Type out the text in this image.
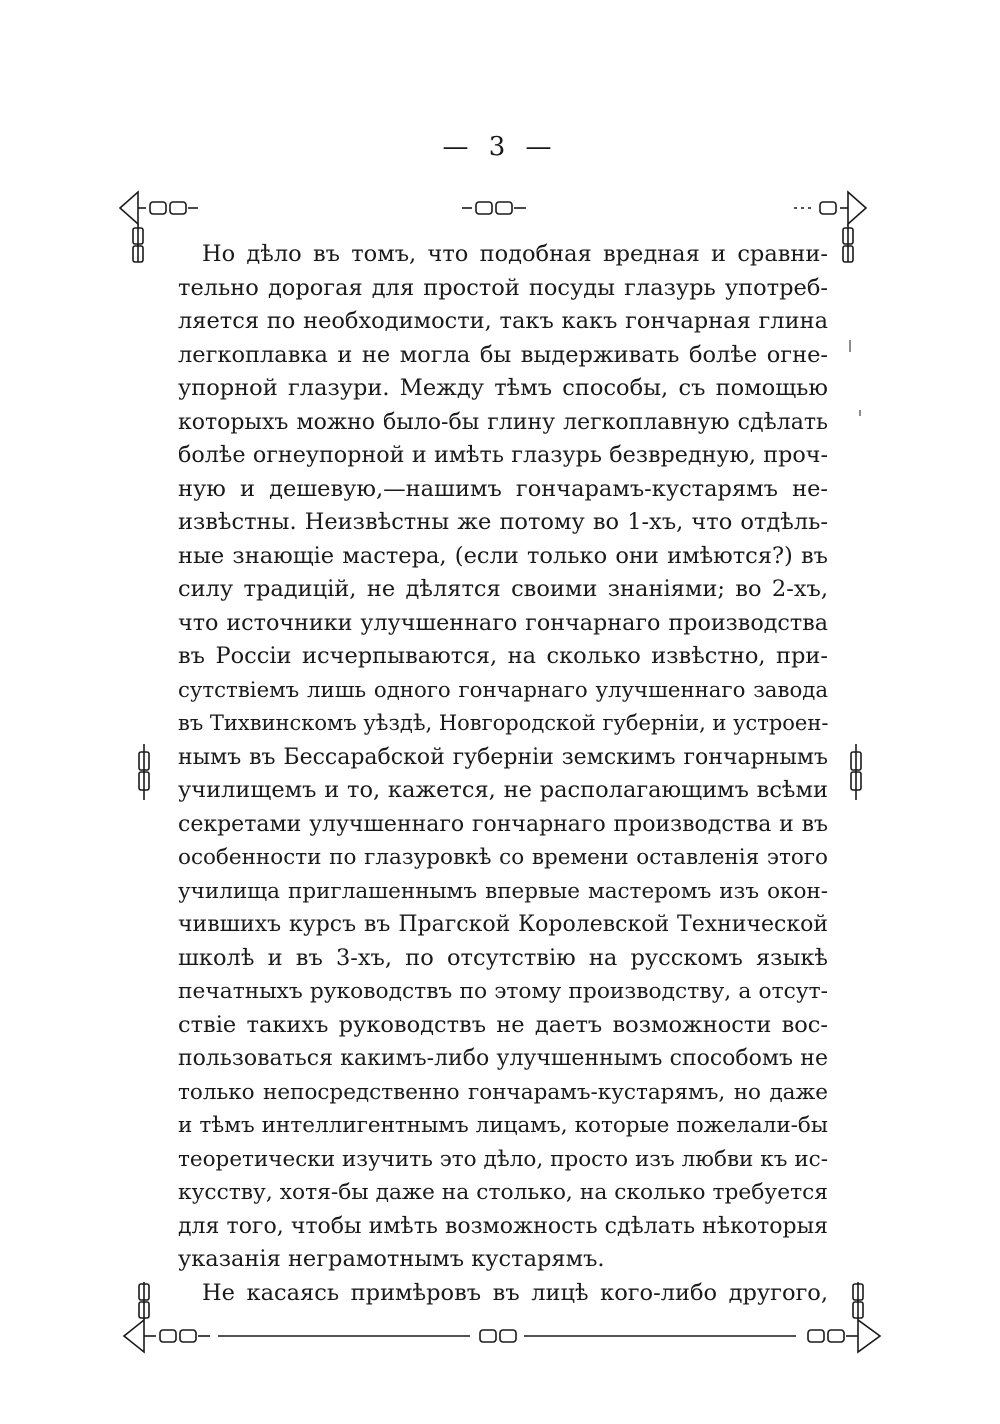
— 3 —
Но дѣло въ томъ, что подобная вредная и сравни-
тельно дорогая для простой посуды глазурь употреб-
ляется по необходимости, такъ какъ гончарная глина
легкоплавка и не могла бы выдерживать болѣе огне-
упорной глазури. Между тѣмъ способы, съ помощью
которыхъ можно было-бы глину легкоплавную сдѣлать
болѣе огнеупорной и имѣть глазурь безвредную, проч-
ную и дешевую,—нашимъ гончарамъ-кустарямъ не-
извѣстны. Неизвѣстны же потому во 1-хъ, что отдѣль-
ные знающіе мастера, (если только они имѣются?) въ
силу традицій, не дѣлятся своими знаніями; во 2-хъ,
что источники улучшеннаго гончарнаго производства
въ Россіи исчерпываются, на сколько извѣстно, при-
сутствіемъ лишь одного гончарнаго улучшеннаго завода
въ Тихвинскомъ уѣздѣ, Новгородской губерніи, и устроен-
нымъ въ Бессарабской губерніи земскимъ гончарнымъ
училищемъ и то, кажется, не располагающимъ всѣми
секретами улучшеннаго гончарнаго производства и въ
особенности по глазуровкѣ со времени оставленія этого
училища приглашеннымъ впервые мастеромъ изъ окон-
чившихъ курсъ въ Прагской Королевской Технической
школѣ и въ 3-хъ, по отсутствію на русскомъ языкѣ
печатныхъ руководствъ по этому производству, а отсут-
ствіе такихъ руководствъ не даетъ возможности вос-
пользоваться какимъ-либо улучшеннымъ способомъ не
только непосредственно гончарамъ-кустарямъ, но даже
и тѣмъ интеллигентнымъ лицамъ, которые пожелали-бы
теоретически изучить это дѣло, просто изъ любви къ ис-
кусству, хотя-бы даже на столько, на сколько требуется
для того, чтобы имѣть возможность сдѣлать нѣкоторыя
указанія неграмотнымъ кустарямъ.
Не касаясь примѣровъ въ лицѣ кого-либо другого,
